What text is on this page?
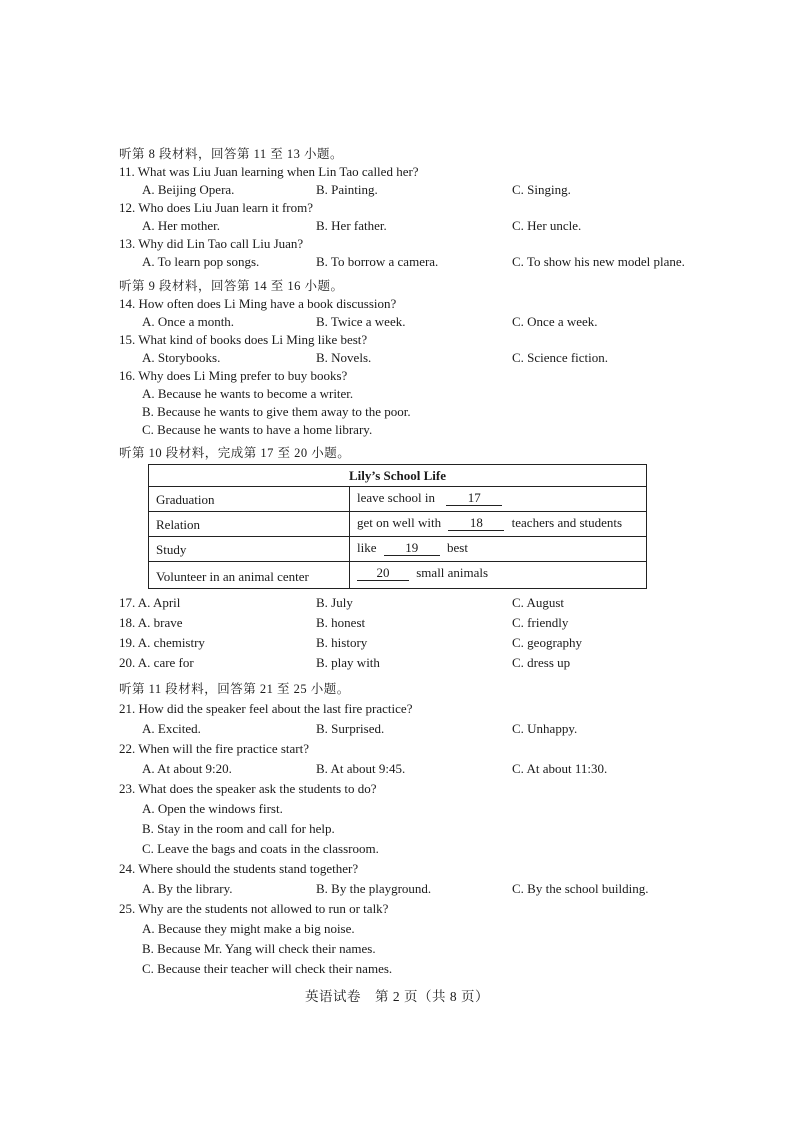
听第 8 段材料，回答第 11 至 13 小题。
11. What was Liu Juan learning when Lin Tao called her?
A. Beijing Opera.	B. Painting.	C. Singing.
12. Who does Liu Juan learn it from?
A. Her mother.	B. Her father.	C. Her uncle.
13. Why did Lin Tao call Liu Juan?
A. To learn pop songs.	B. To borrow a camera.	C. To show his new model plane.
听第 9 段材料，回答第 14 至 16 小题。
14. How often does Li Ming have a book discussion?
A. Once a month.	B. Twice a week.	C. Once a week.
15. What kind of books does Li Ming like best?
A. Storybooks.	B. Novels.	C. Science fiction.
16. Why does Li Ming prefer to buy books?
A. Because he wants to become a writer.
B. Because he wants to give them away to the poor.
C. Because he wants to have a home library.
听第 10 段材料，完成第 17 至 20 小题。
Lily’s School Life
Graduation	leave school in	17
Relation	get on well with 18 teachers and students
Study	like 19 best
Volunteer in an animal center	20 small animals
17. A. April	B. July	C. August
18. A. brave	B. honest	C. friendly
19. A. chemistry	B. history	C. geography
20. A. care for	B. play with	C. dress up
听第 11 段材料，回答第 21 至 25 小题。
21. How did the speaker feel about the last fire practice?
A. Excited.	B. Surprised.	C. Unhappy.
22. When will the fire practice start?
A. At about 9:20.	B. At about 9:45.	C. At about 11:30.
23. What does the speaker ask the students to do?
A. Open the windows first.
B. Stay in the room and call for help.
C. Leave the bags and coats in the classroom.
24. Where should the students stand together?
A. By the library.	B. By the playground.	C. By the school building.
25. Why are the students not allowed to run or talk?
A. Because they might make a big noise.
B. Because Mr. Yang will check their names.
C. Because their teacher will check their names.
英语试卷　第 2 页（共 8 页）
